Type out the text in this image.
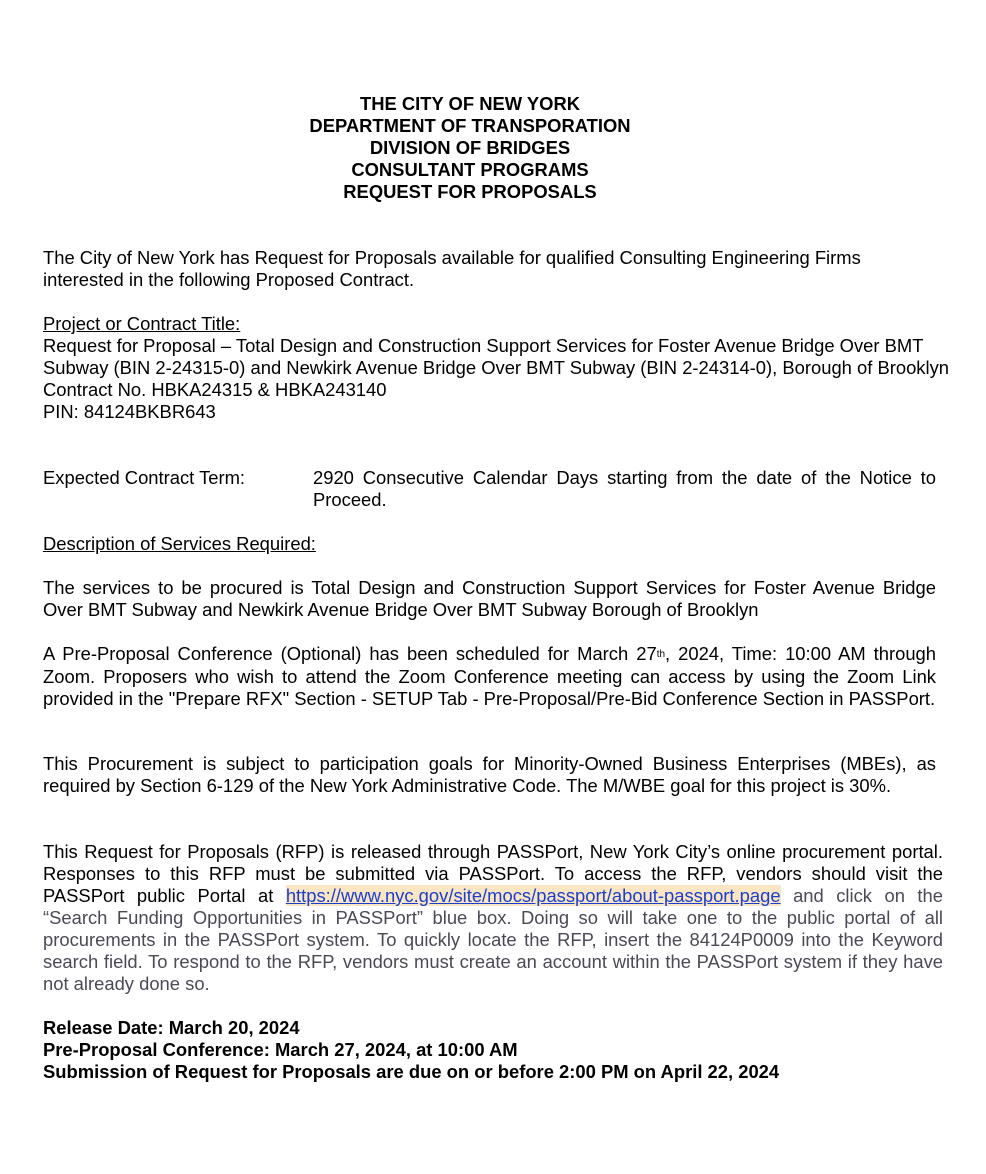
THE CITY OF NEW YORK
DEPARTMENT OF TRANSPORATION
DIVISION OF BRIDGES
CONSULTANT PROGRAMS
REQUEST FOR PROPOSALS
The City of New York has Request for Proposals available for qualified Consulting Engineering Firms interested in the following Proposed Contract.
Project or Contract Title:
Request for Proposal – Total Design and Construction Support Services for Foster Avenue Bridge Over BMT Subway (BIN 2-24315-0) and Newkirk Avenue Bridge Over BMT Subway (BIN 2-24314-0), Borough of Brooklyn
Contract No. HBKA24315 & HBKA243140
PIN: 84124BKBR643
Expected Contract Term:	2920 Consecutive Calendar Days starting from the date of the Notice to Proceed.
Description of Services Required:
The services to be procured is Total Design and Construction Support Services for Foster Avenue Bridge Over BMT Subway and Newkirk Avenue Bridge Over BMT Subway Borough of Brooklyn
A Pre-Proposal Conference (Optional) has been scheduled for March 27th, 2024, Time: 10:00 AM through Zoom. Proposers who wish to attend the Zoom Conference meeting can access by using the Zoom Link provided in the "Prepare RFX" Section - SETUP Tab - Pre-Proposal/Pre-Bid Conference Section in PASSPort.
This Procurement is subject to participation goals for Minority-Owned Business Enterprises (MBEs), as required by Section 6-129 of the New York Administrative Code. The M/WBE goal for this project is 30%.
This Request for Proposals (RFP) is released through PASSPort, New York City’s online procurement portal. Responses to this RFP must be submitted via PASSPort. To access the RFP, vendors should visit the PASSPort public Portal at https://www.nyc.gov/site/mocs/passport/about-passport.page and click on the “Search Funding Opportunities in PASSPort” blue box. Doing so will take one to the public portal of all procurements in the PASSPort system. To quickly locate the RFP, insert the 84124P0009 into the Keyword search field. To respond to the RFP, vendors must create an account within the PASSPort system if they have not already done so.
Release Date: March 20, 2024
Pre-Proposal Conference: March 27, 2024, at 10:00 AM
Submission of Request for Proposals are due on or before 2:00 PM on April 22, 2024
